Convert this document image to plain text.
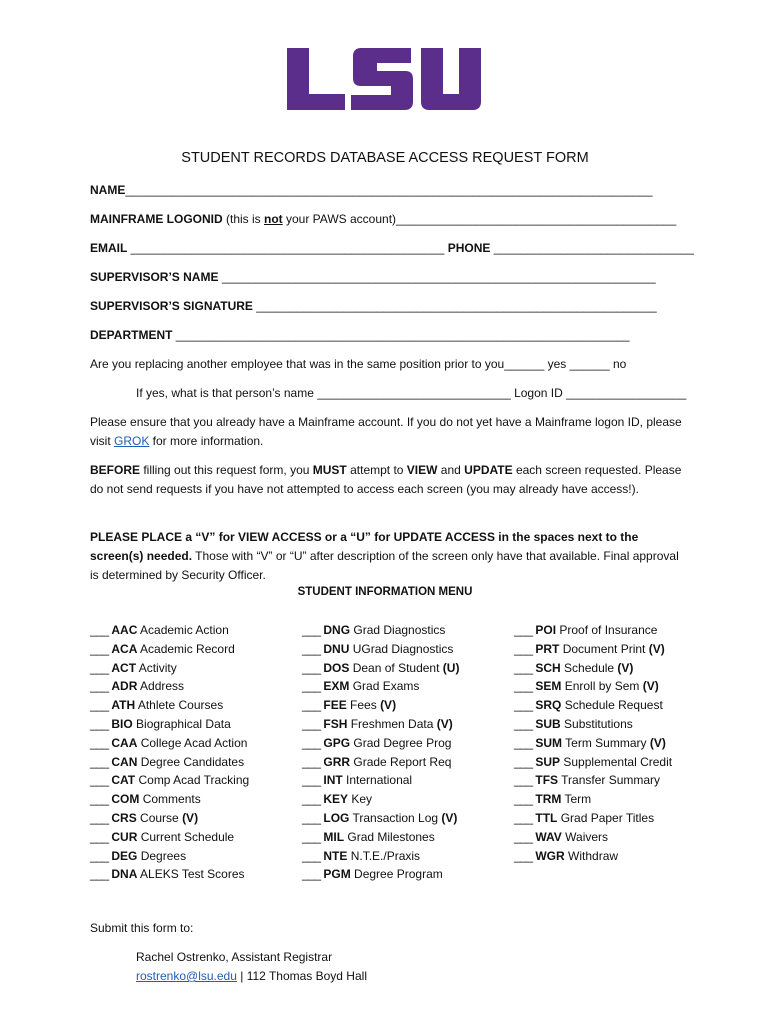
STUDENT RECORDS DATABASE ACCESS REQUEST FORM
NAME_______________________________________________________________________________
MAINFRAME LOGONID (this is not your PAWS account)__________________________________________
EMAIL _______________________________________________ PHONE ______________________________
SUPERVISOR’S NAME _________________________________________________________________
SUPERVISOR’S SIGNATURE ____________________________________________________________
DEPARTMENT ____________________________________________________________________
Are you replacing another employee that was in the same position prior to you______ yes ______ no
If yes, what is that person’s name _____________________________ Logon ID __________________
Please ensure that you already have a Mainframe account. If you do not yet have a Mainframe logon ID, please visit GROK for more information.
BEFORE filling out this request form, you MUST attempt to VIEW and UPDATE each screen requested. Please do not send requests if you have not attempted to access each screen (you may already have access!).
PLEASE PLACE a “V” for VIEW ACCESS or a “U” for UPDATE ACCESS in the spaces next to the screen(s) needed. Those with “V” or “U” after description of the screen only have that available. Final approval is determined by Security Officer.
STUDENT INFORMATION MENU
___ AAC Academic Action
___ ACA Academic Record
___ ACT Activity
___ ADR Address
___ ATH Athlete Courses
___ BIO Biographical Data
___ CAA College Acad Action
___ CAN Degree Candidates
___ CAT Comp Acad Tracking
___ COM Comments
___ CRS Course (V)
___ CUR Current Schedule
___ DEG Degrees
___ DNA ALEKS Test Scores
___ DNG Grad Diagnostics
___ DNU UGrad Diagnostics
___ DOS Dean of Student (U)
___ EXM Grad Exams
___ FEE Fees (V)
___ FSH Freshmen Data (V)
___ GPG Grad Degree Prog
___ GRR Grade Report Req
___ INT International
___ KEY Key
___ LOG Transaction Log (V)
___ MIL Grad Milestones
___ NTE N.T.E./Praxis
___ PGM Degree Program
___ POI Proof of Insurance
___ PRT Document Print (V)
___ SCH Schedule (V)
___ SEM Enroll by Sem (V)
___ SRQ Schedule Request
___ SUB Substitutions
___ SUM Term Summary (V)
___ SUP Supplemental Credit
___ TFS Transfer Summary
___ TRM Term
___ TTL Grad Paper Titles
___ WAV Waivers
___ WGR Withdraw
Submit this form to:
Rachel Ostrenko, Assistant Registrar
rostrenko@lsu.edu | 112 Thomas Boyd Hall
